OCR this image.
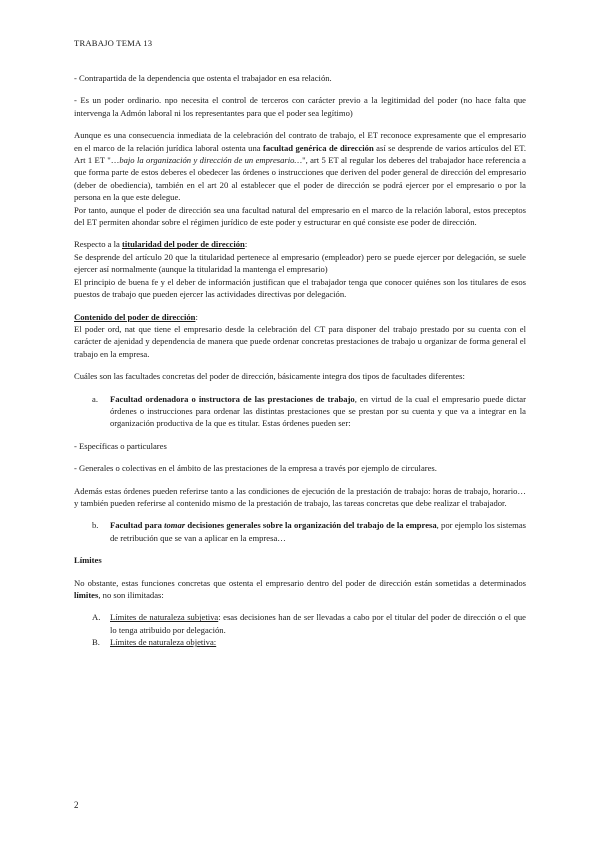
TRABAJO TEMA 13

- Contrapartida de la dependencia que ostenta el trabajador en esa relación.

- Es un poder ordinario. npo necesita el control de terceros con carácter previo a la legitimidad del poder (no hace falta que intervenga la Admón laboral ni los representantes para que el poder sea legítimo)

Aunque es una consecuencia inmediata de la celebración del contrato de trabajo, el ET reconoce expresamente que el empresario en el marco de la relación jurídica laboral ostenta una facultad genérica de dirección así se desprende de varios artículos del ET. Art 1 ET "…bajo la organización y dirección de un empresario…", art 5 ET al regular los deberes del trabajador hace referencia a que forma parte de estos deberes el obedecer las órdenes o instrucciones que deriven del poder general de dirección del empresario (deber de obediencia), también en el art 20 al establecer que el poder de dirección se podrá ejercer por el empresario o por la persona en la que este delegue.

Por tanto, aunque el poder de dirección sea una facultad natural del empresario en el marco de la relación laboral, estos preceptos del ET permiten ahondar sobre el régimen jurídico de este poder y estructurar en qué consiste ese poder de dirección.

Respecto a la titularidad del poder de dirección:

Se desprende del artículo 20 que la titularidad pertenece al empresario (empleador) pero se puede ejercer por delegación, se suele ejercer así normalmente (aunque la titularidad la mantenga el empresario)

El principio de buena fe y el deber de información justifican que el trabajador tenga que conocer quiénes son los titulares de esos puestos de trabajo que pueden ejercer las actividades directivas por delegación.

Contenido del poder de dirección:

El poder ord, nat que tiene el empresario desde la celebración del CT para disponer del trabajo prestado por su cuenta con el carácter de ajenidad y dependencia de manera que puede ordenar concretas prestaciones de trabajo u organizar de forma general el trabajo en la empresa.

Cuáles son las facultades concretas del poder de dirección, básicamente integra dos tipos de facultades diferentes:

a.	Facultad ordenadora o instructora de las prestaciones de trabajo, en virtud de la cual el empresario puede dictar órdenes o instrucciones para ordenar las distintas prestaciones que se prestan por su cuenta y que va a integrar en la organización productiva de la que es titular. Estas órdenes pueden ser:

- Específicas o particulares

- Generales o colectivas en el ámbito de las prestaciones de la empresa a través por ejemplo de circulares.

Además estas órdenes pueden referirse tanto a las condiciones de ejecución de la prestación de trabajo: horas de trabajo, horario… y también pueden referirse al contenido mismo de la prestación de trabajo, las tareas concretas que debe realizar el trabajador.

b.	Facultad para tomar decisiones generales sobre la organización del trabajo de la empresa, por ejemplo los sistemas de retribución que se van a aplicar en la empresa…

Límites

No obstante, estas funciones concretas que ostenta el empresario dentro del poder de dirección están sometidas a determinados límites, no son ilimitadas:

A.	Límites de naturaleza subjetiva: esas decisiones han de ser llevadas a cabo por el titular del poder de dirección o el que lo tenga atribuido por delegación.
B.	Límites de naturaleza objetiva:
2
